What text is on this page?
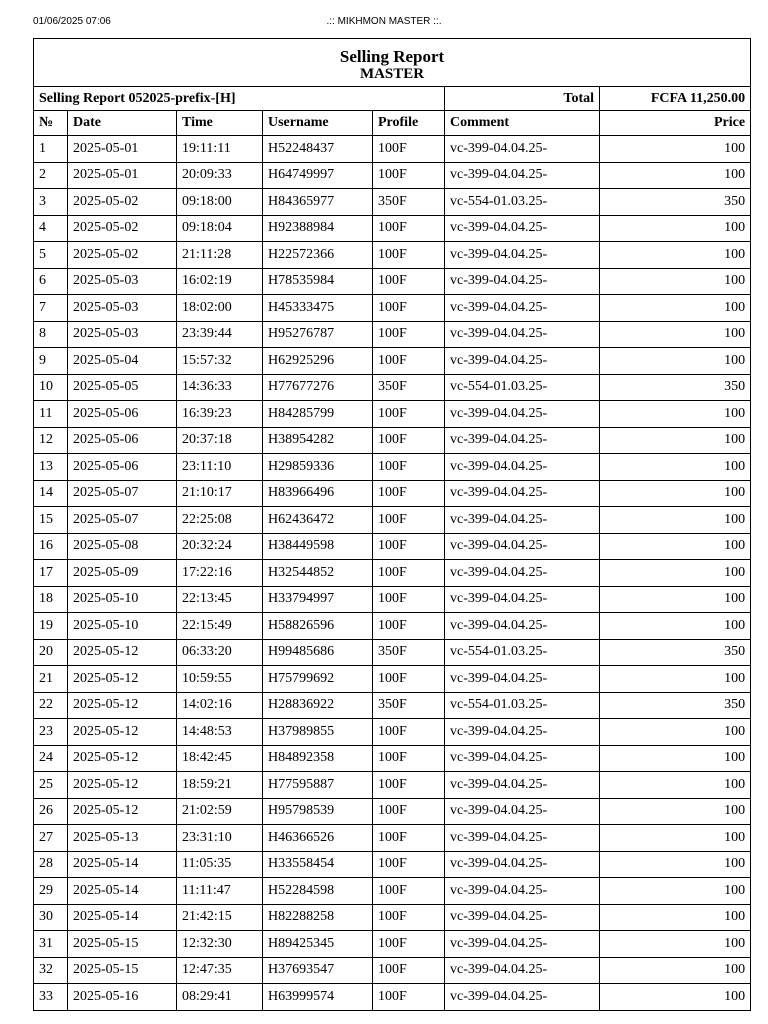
01/06/2025 07:06	.:: MIKHMON MASTER ::.
Selling Report
MASTER						

Selling Report 052025-prefix-[H]					Total	FCFA 11,250.00
№	Date	Time	Username	Profile	Comment	Price
1	2025-05-01	19:11:11	H52248437	100F	vc-399-04.04.25-	100
2	2025-05-01	20:09:33	H64749997	100F	vc-399-04.04.25-	100
3	2025-05-02	09:18:00	H84365977	350F	vc-554-01.03.25-	350
4	2025-05-02	09:18:04	H92388984	100F	vc-399-04.04.25-	100
5	2025-05-02	21:11:28	H22572366	100F	vc-399-04.04.25-	100
6	2025-05-03	16:02:19	H78535984	100F	vc-399-04.04.25-	100
7	2025-05-03	18:02:00	H45333475	100F	vc-399-04.04.25-	100
8	2025-05-03	23:39:44	H95276787	100F	vc-399-04.04.25-	100
9	2025-05-04	15:57:32	H62925296	100F	vc-399-04.04.25-	100
10	2025-05-05	14:36:33	H77677276	350F	vc-554-01.03.25-	350
11	2025-05-06	16:39:23	H84285799	100F	vc-399-04.04.25-	100
12	2025-05-06	20:37:18	H38954282	100F	vc-399-04.04.25-	100
13	2025-05-06	23:11:10	H29859336	100F	vc-399-04.04.25-	100
14	2025-05-07	21:10:17	H83966496	100F	vc-399-04.04.25-	100
15	2025-05-07	22:25:08	H62436472	100F	vc-399-04.04.25-	100
16	2025-05-08	20:32:24	H38449598	100F	vc-399-04.04.25-	100
17	2025-05-09	17:22:16	H32544852	100F	vc-399-04.04.25-	100
18	2025-05-10	22:13:45	H33794997	100F	vc-399-04.04.25-	100
19	2025-05-10	22:15:49	H58826596	100F	vc-399-04.04.25-	100
20	2025-05-12	06:33:20	H99485686	350F	vc-554-01.03.25-	350
21	2025-05-12	10:59:55	H75799692	100F	vc-399-04.04.25-	100
22	2025-05-12	14:02:16	H28836922	350F	vc-554-01.03.25-	350
23	2025-05-12	14:48:53	H37989855	100F	vc-399-04.04.25-	100
24	2025-05-12	18:42:45	H84892358	100F	vc-399-04.04.25-	100
25	2025-05-12	18:59:21	H77595887	100F	vc-399-04.04.25-	100
26	2025-05-12	21:02:59	H95798539	100F	vc-399-04.04.25-	100
27	2025-05-13	23:31:10	H46366526	100F	vc-399-04.04.25-	100
28	2025-05-14	11:05:35	H33558454	100F	vc-399-04.04.25-	100
29	2025-05-14	11:11:47	H52284598	100F	vc-399-04.04.25-	100
30	2025-05-14	21:42:15	H82288258	100F	vc-399-04.04.25-	100
31	2025-05-15	12:32:30	H89425345	100F	vc-399-04.04.25-	100
32	2025-05-15	12:47:35	H37693547	100F	vc-399-04.04.25-	100
33	2025-05-16	08:29:41	H63999574	100F	vc-399-04.04.25-	100
